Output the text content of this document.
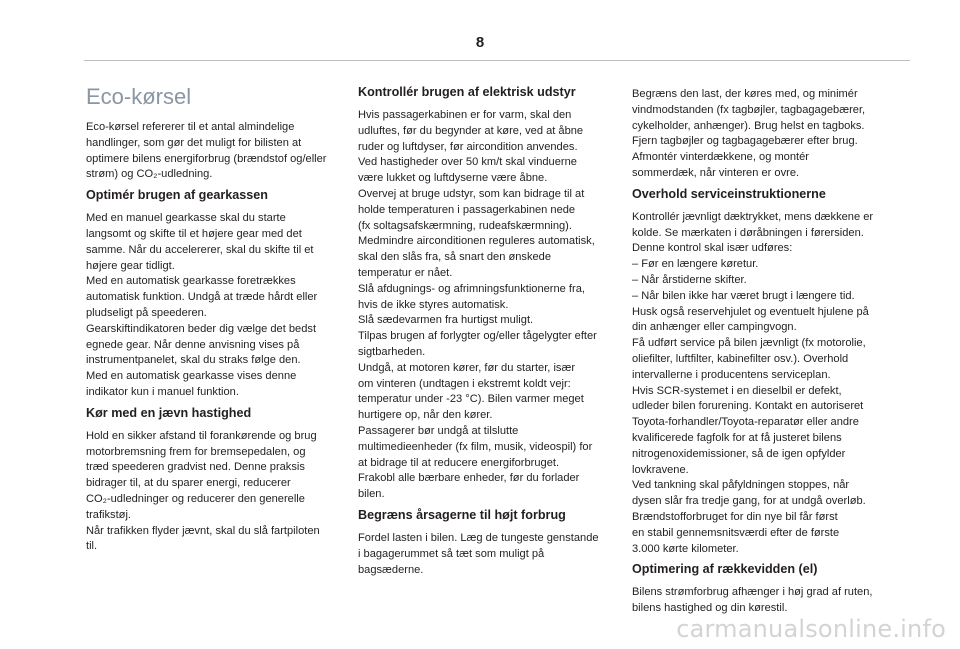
8
Eco-kørsel

Eco-kørsel refererer til et antal almindelige
handlinger, som gør det muligt for bilisten at
optimere bilens energiforbrug (brændstof og/eller
strøm) og CO₂-udledning.

Optimér brugen af gearkassen

Med en manuel gearkasse skal du starte
langsomt og skifte til et højere gear med det
samme. Når du accelererer, skal du skifte til et
højere gear tidligt.
Med en automatisk gearkasse foretrækkes
automatisk funktion. Undgå at træde hårdt eller
pludseligt på speederen.
Gearskiftindikatoren beder dig vælge det bedst
egnede gear. Når denne anvisning vises på
instrumentpanelet, skal du straks følge den.
Med en automatisk gearkasse vises denne
indikator kun i manuel funktion.

Kør med en jævn hastighed

Hold en sikker afstand til forankørende og brug
motorbremsning frem for bremsepedalen, og
træd speederen gradvist ned. Denne praksis
bidrager til, at du sparer energi, reducerer
CO₂-udledninger og reducerer den generelle
trafikstøj.
Når trafikken flyder jævnt, skal du slå fartpiloten
til.

Kontrollér brugen af elektrisk udstyr

Hvis passagerkabinen er for varm, skal den
udluftes, før du begynder at køre, ved at åbne
ruder og luftdyser, før aircondition anvendes.
Ved hastigheder over 50 km/t skal vinduerne
være lukket og luftdyserne være åbne.
Overvej at bruge udstyr, som kan bidrage til at
holde temperaturen i passagerkabinen nede
(fx soltagsafskærmning, rudeafskærmning).
Medmindre airconditionen reguleres automatisk,
skal den slås fra, så snart den ønskede
temperatur er nået.
Slå afdugnings- og afrimningsfunktionerne fra,
hvis de ikke styres automatisk.
Slå sædevarmen fra hurtigst muligt.
Tilpas brugen af forlygter og/eller tågelygter efter
sigtbarheden.
Undgå, at motoren kører, før du starter, især
om vinteren (undtagen i ekstremt koldt vejr:
temperatur under -23 °C). Bilen varmer meget
hurtigere op, når den kører.
Passagerer bør undgå at tilslutte
multimedieenheder (fx film, musik, videospil) for
at bidrage til at reducere energiforbruget.
Frakobl alle bærbare enheder, før du forlader
bilen.

Begræns årsagerne til højt forbrug

Fordel lasten i bilen. Læg de tungeste genstande
i bagagerummet så tæt som muligt på
bagsæderne.

Begræns den last, der køres med, og minimér
vindmodstanden (fx tagbøjler, tagbagagebærer,
cykelholder, anhænger). Brug helst en tagboks.
Fjern tagbøjler og tagbagagebærer efter brug.
Afmontér vinterdækkene, og montér
sommerdæk, når vinteren er ovre.

Overhold serviceinstruktionerne

Kontrollér jævnligt dæktrykket, mens dækkene er
kolde. Se mærkaten i døråbningen i førersiden.
Denne kontrol skal især udføres:
– Før en længere køretur.
– Når årstiderne skifter.
– Når bilen ikke har været brugt i længere tid.
Husk også reservehjulet og eventuelt hjulene på
din anhænger eller campingvogn.
Få udført service på bilen jævnligt (fx motorolie,
oliefilter, luftfilter, kabinefilter osv.). Overhold
intervallerne i producentens serviceplan.
Hvis SCR-systemet i en dieselbil er defekt,
udleder bilen forurening. Kontakt en autoriseret
Toyota-forhandler/Toyota-reparatør eller andre
kvalificerede fagfolk for at få justeret bilens
nitrogenoxidemissioner, så de igen opfylder
lovkravene.
Ved tankning skal påfyldningen stoppes, når
dysen slår fra tredje gang, for at undgå overløb.
Brændstofforbruget for din nye bil får først
en stabil gennemsnitsværdi efter de første
3.000 kørte kilometer.

Optimering af rækkevidden (el)

Bilens strømforbrug afhænger i høj grad af ruten,
bilens hastighed og din kørestil.

carmanualsonline.info
